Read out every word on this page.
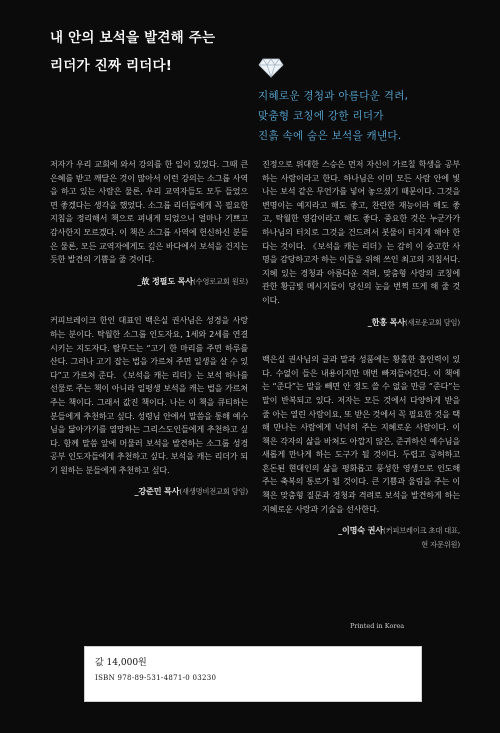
내 안의 보석을 발견해 주는
리더가 진짜 리더다!
지혜로운 경청과 아름다운 격려,
맞춤형 코칭에 강한 리더가
진흙 속에 숨은 보석을 캐낸다.

저자가 우리 교회에 와서 강의를 한 일이 있었다. 그때 큰 은혜를 받고 깨달은 것이 많아서 이런 강의는 소그룹 사역을 하고 있는 사람은 물론, 우리 교역자들도 모두 들었으면 좋겠다는 생각을 했었다. 소그룹 리더들에게 꼭 필요한 지침을 정리해서 책으로 펴내게 되었으니 얼마나 기쁘고 감사한지 모르겠다. 이 책은 소그룹 사역에 헌신하신 분들은 물론, 모든 교역자에게도 깊은 바다에서 보석을 건지는 듯한 발견의 기쁨을 줄 것이다.

_故 정필도 목사(수영로교회 원로)

커피브레이크 한인 대표인 백은실 권사님은 성경을 사랑하는 분이다. 탁월한 소그룹 인도자요, 1세와 2세를 연결시키는 지도자다. 탈무드는 “고기 한 마리를 주면 하루를 산다. 그러나 고기 잡는 법을 가르쳐 주면 일생을 살 수 있다”고 가르쳐 준다. 《보석을 캐는 리더》는 보석 하나를 선물로 주는 책이 아니라 일평생 보석을 캐는 법을 가르쳐 주는 책이다. 그래서 값진 책이다. 나는 이 책을 큐티하는 분들에게 추천하고 싶다. 성령님 안에서 말씀을 통해 예수님을 닮아가기를 열망하는 그리스도인들에게 추천하고 싶다. 함께 말씀 앞에 머물러 보석을 발견하는 소그룹 성경 공부 인도자들에게 추천하고 싶다. 보석을 캐는 리더가 되기 원하는 분들에게 추천하고 싶다.

_강준민 목사(새생명비전교회 담임)

진정으로 위대한 스승은 먼저 자신이 가르칠 학생을 공부하는 사람이라고 한다. 하나님은 이미 모든 사람 안에 빛나는 보석 같은 무언가를 넣어 놓으셨기 때문이다. 그것을 변명이는 예지라고 해도 좋고, 찬란한 재능이라 해도 좋고, 탁월한 영감이라고 해도 좋다. 중요한 것은 누군가가 하나님의 터치로 그것을 건드려서 봇물이 터지게 해야 한다는 것이다. 《보석을 캐는 리더》는 감히 이 숭고한 사명을 감당하고자 하는 이들을 위해 쓰인 최고의 지침서다. 지혜 있는 경청과 아름다운 격려, 맞춤형 사랑의 코칭에 관한 황금빛 메시지들이 당신의 눈을 번쩍 뜨게 해 줄 것이다.

_한홍 목사(새로운교회 담임)

백은실 권사님의 글과 말과 성품에는 황홀한 흡인력이 있다. 수없이 들은 내용이지만 매번 빠져들어간다. 이 책에는 “준다”는 말을 빼면 안 정도 쓸 수 없을 만큼 “준다”는 말이 반복되고 있다. 저자는 모든 것에서 다양하게 받을 줄 아는 열린 사람이요, 또 받은 것에서 꼭 필요한 것을 택해 만나는 사람에게 넉넉히 주는 지혜로운 사람이다. 이 책은 각자의 삶을 바쳐도 아깝지 않은, 준귀하신 예수님을 새롭게 만나게 하는 도구가 될 것이다. 두렵고 공허하고 혼돈된 현대인의 삶을 평화롭고 풍성한 영생으로 인도해 주는 축복의 통로가 될 것이다. 큰 기쁨과 울림을 주는 이 책은 맞춤형 질문과 경청과 격려로 보석을 발견하게 하는 지혜로운 사랑과 기술을 선사한다.

_이명숙 권사(커피브레이크 초대 대표,
현 자문위원)
Printed in Korea
값 14,000원
ISBN 978-89-531-4871-0 03230
